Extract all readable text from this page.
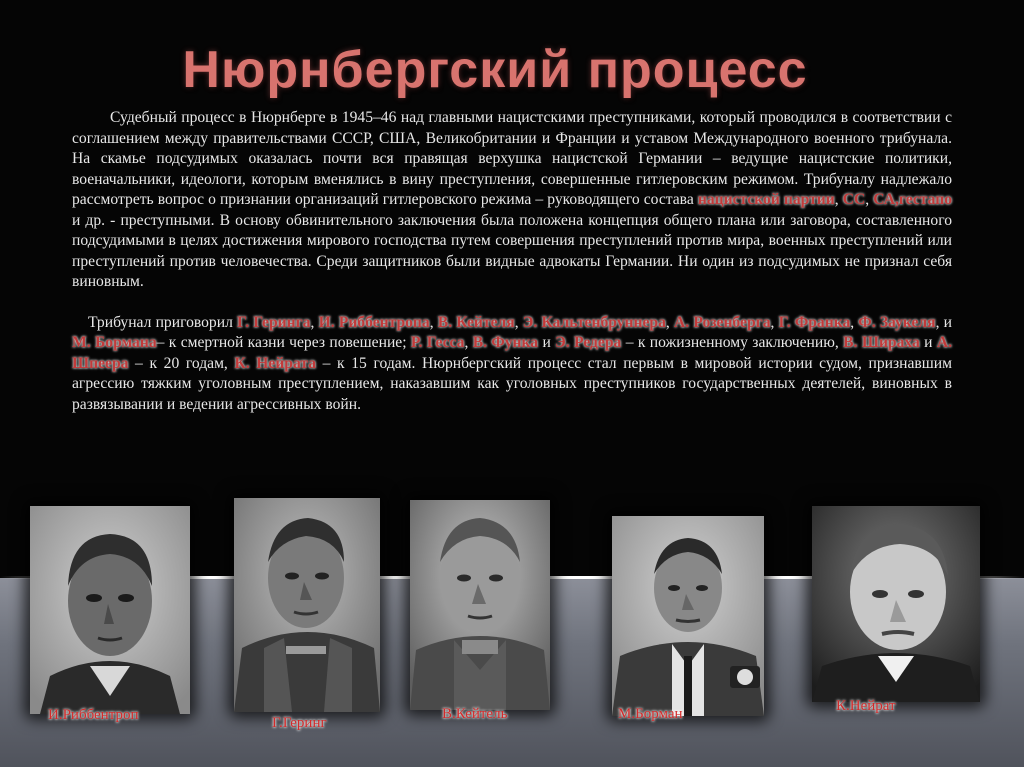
Нюрнбергский процесс

Судебный процесс в Нюрнберге в 1945–46 над главными нацистскими преступниками, который проводился в соответствии с соглашением между правительствами СССР, США, Великобритании и Франции и уставом Международного военного трибунала. На скамье подсудимых оказалась почти вся правящая верхушка нацистской Германии – ведущие нацистские политики, военачальники, идеологи, которым вменялись в вину преступления, совершенные гитлеровским режимом. Трибуналу надлежало рассмотреть вопрос о признании организаций гитлеровского режима – руководящего состава нацистской партии, СС, СА,гестапо и др. - преступными. В основу обвинительного заключения была положена концепция общего плана или заговора, составленного подсудимыми в целях достижения мирового господства путем совершения преступлений против мира, военных преступлений или преступлений против человечества. Среди защитников были видные адвокаты Германии. Ни один из подсудимых не признал себя виновным.

Трибунал приговорил Г. Геринга, И. Риббентропа, В. Кейтеля, Э. Кальтенбруннера, А. Розенберга, Г. Франка, Ф. Заукеля, и М. Бормана– к смертной казни через повешение; Р. Гесса, В. Функа и Э. Редера – к пожизненному заключению, В. Шираха и А. Шпеера – к 20 годам, К. Нейрата – к 15 годам. Нюрнбергский процесс стал первым в мировой истории судом, признавшим агрессию тяжким уголовным преступлением, наказавшим как уголовных преступников государственных деятелей, виновных в развязывании и ведении агрессивных войн.

И.Риббентроп	Г.Геринг
В.Кейтель	М.Борман	К.Нейрат
